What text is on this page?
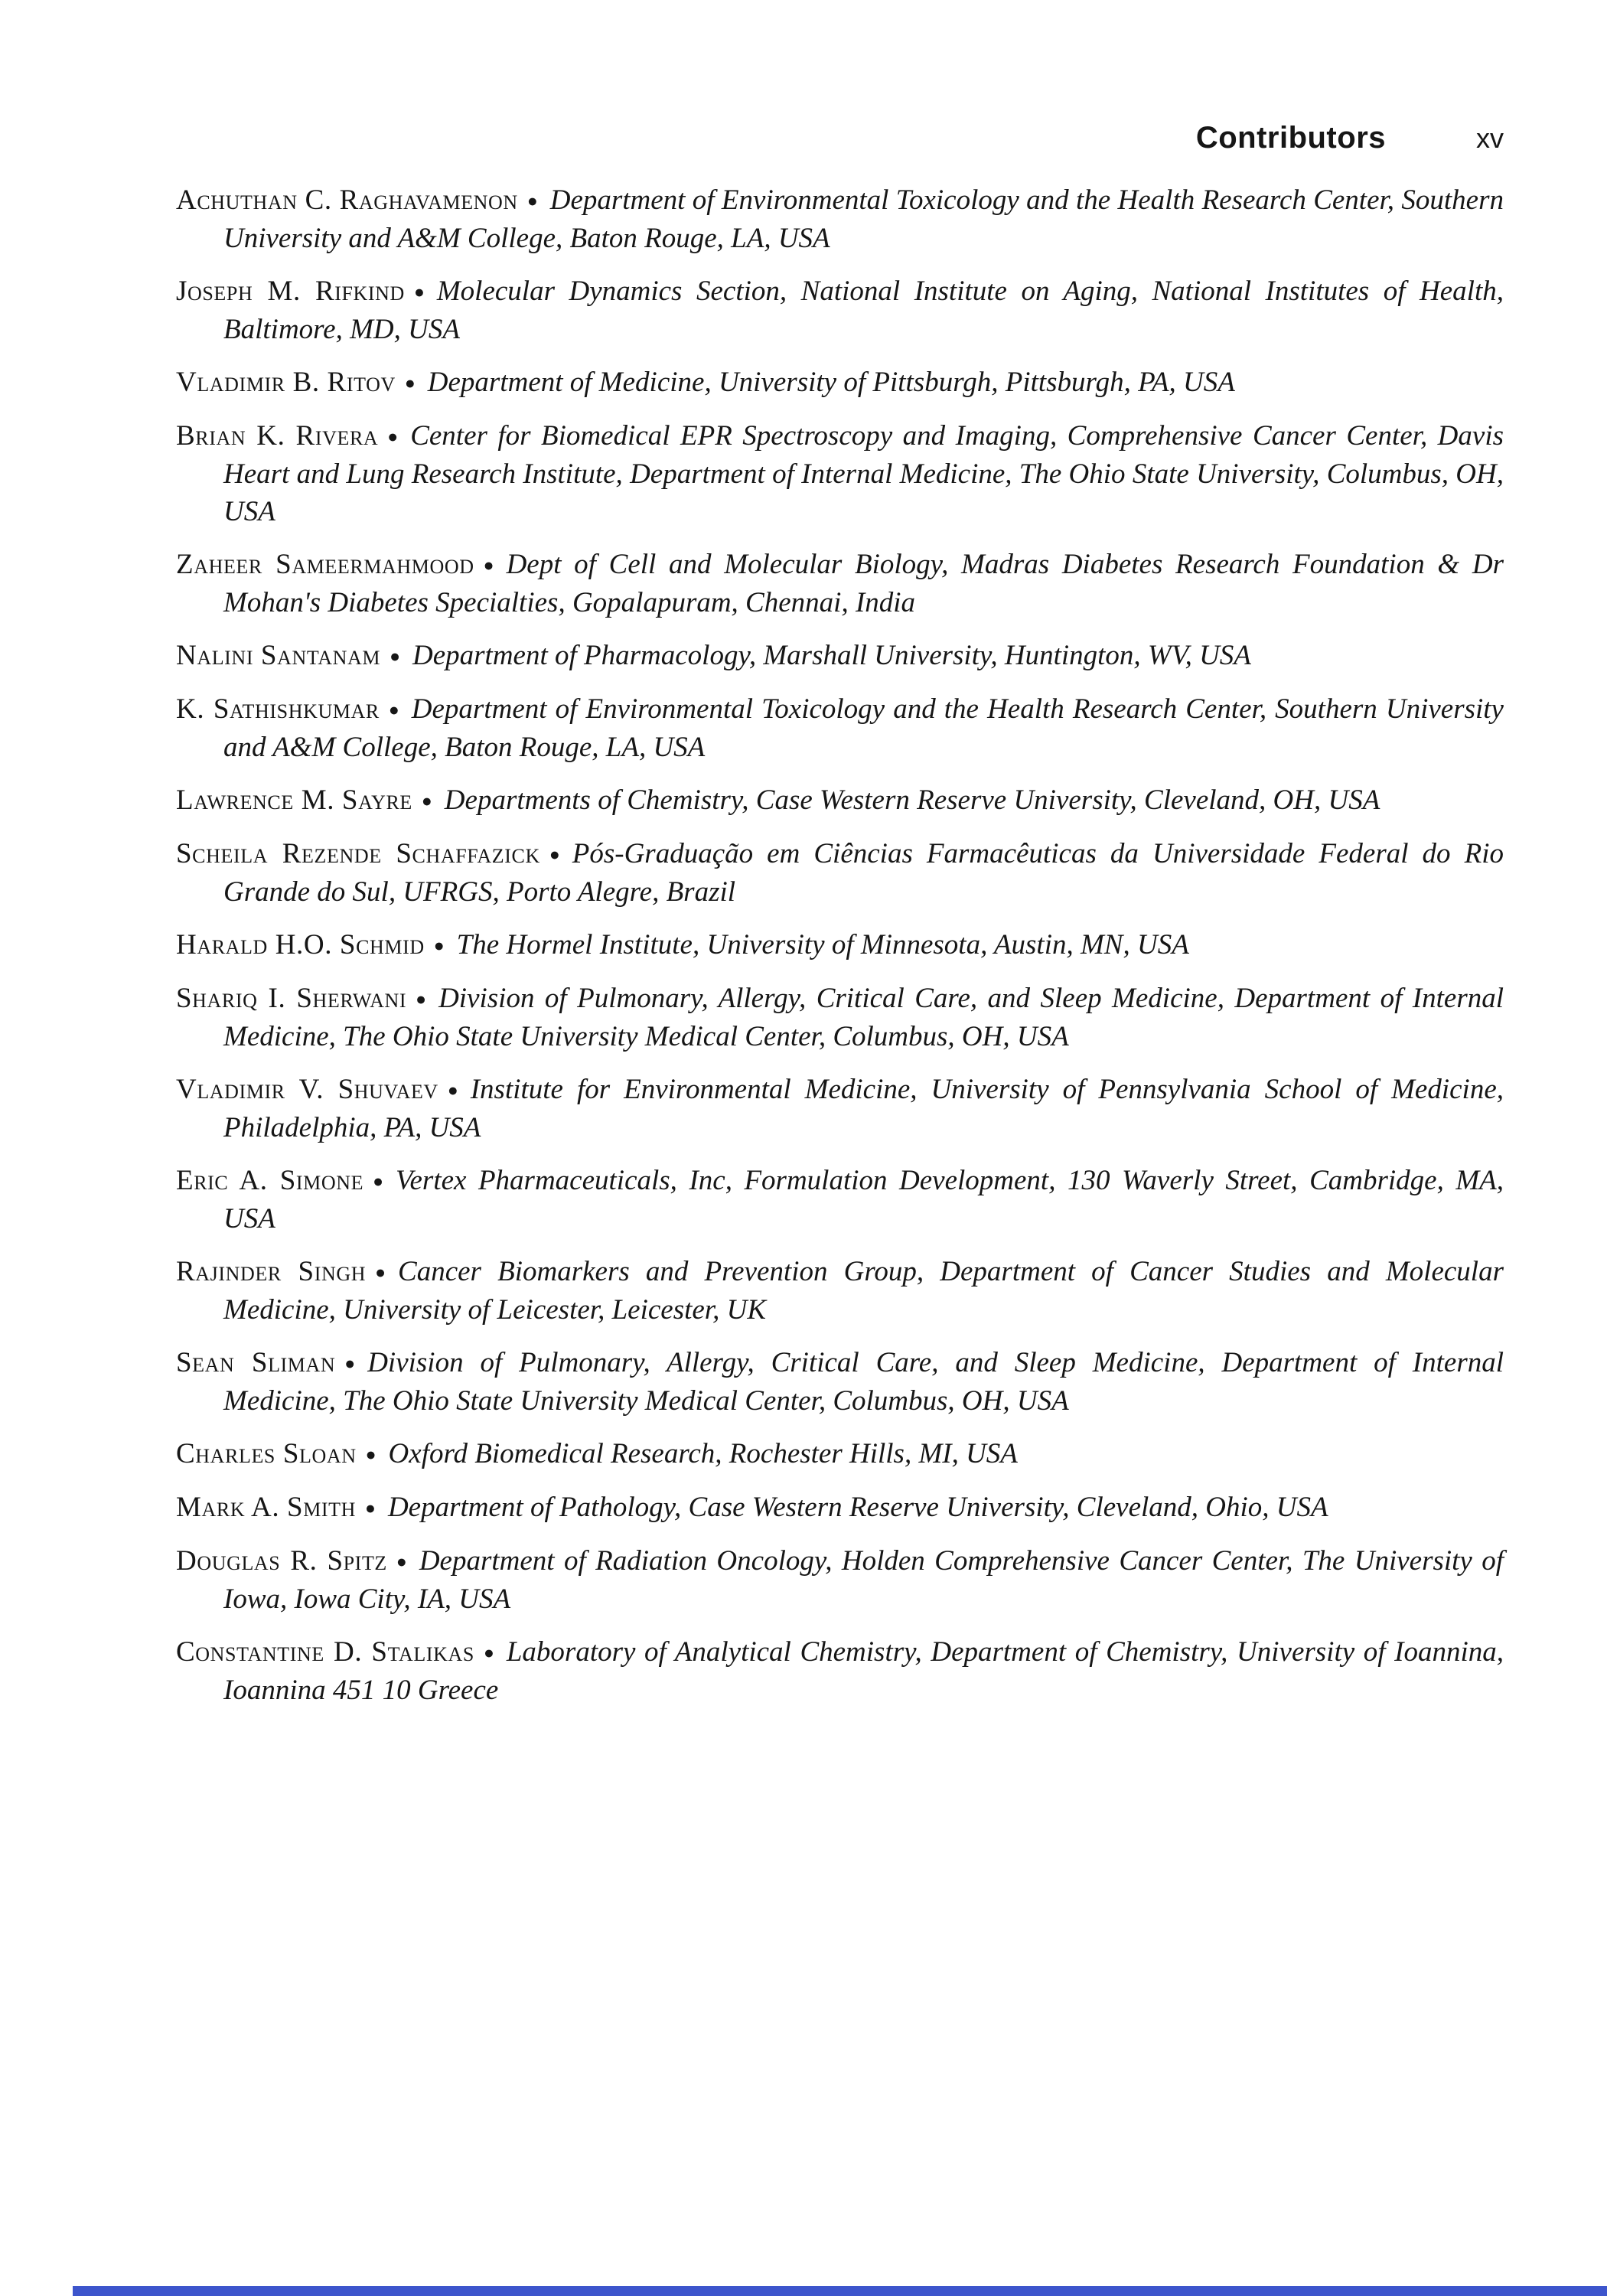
Contributors	xv

Achuthan C. Raghavamenon ● Department of Environmental Toxicology and the Health Research Center, Southern University and A&M College, Baton Rouge, LA, USA

Joseph M. Rifkind ● Molecular Dynamics Section, National Institute on Aging, National Institutes of Health, Baltimore, MD, USA

Vladimir B. Ritov ● Department of Medicine, University of Pittsburgh, Pittsburgh, PA, USA

Brian K. Rivera ● Center for Biomedical EPR Spectroscopy and Imaging, Comprehensive Cancer Center, Davis Heart and Lung Research Institute, Department of Internal Medicine, The Ohio State University, Columbus, OH, USA

Zaheer Sameermahmood ● Dept of Cell and Molecular Biology, Madras Diabetes Research Foundation & Dr Mohan's Diabetes Specialties, Gopalapuram, Chennai, India

Nalini Santanam ● Department of Pharmacology, Marshall University, Huntington, WV, USA

K. Sathishkumar ● Department of Environmental Toxicology and the Health Research Center, Southern University and A&M College, Baton Rouge, LA, USA

Lawrence M. Sayre ● Departments of Chemistry, Case Western Reserve University, Cleveland, OH, USA

Scheila Rezende Schaffazick ● Pós-Graduação em Ciências Farmacêuticas da Universidade Federal do Rio Grande do Sul, UFRGS, Porto Alegre, Brazil

Harald H.O. Schmid ● The Hormel Institute, University of Minnesota, Austin, MN, USA

Shariq I. Sherwani ● Division of Pulmonary, Allergy, Critical Care, and Sleep Medicine, Department of Internal Medicine, The Ohio State University Medical Center, Columbus, OH, USA

Vladimir V. Shuvaev ● Institute for Environmental Medicine, University of Pennsylvania School of Medicine, Philadelphia, PA, USA

Eric A. Simone ● Vertex Pharmaceuticals, Inc, Formulation Development, 130 Waverly Street, Cambridge, MA, USA

Rajinder Singh ● Cancer Biomarkers and Prevention Group, Department of Cancer Studies and Molecular Medicine, University of Leicester, Leicester, UK

Sean Sliman ● Division of Pulmonary, Allergy, Critical Care, and Sleep Medicine, Department of Internal Medicine, The Ohio State University Medical Center, Columbus, OH, USA

Charles Sloan ● Oxford Biomedical Research, Rochester Hills, MI, USA

Mark A. Smith ● Department of Pathology, Case Western Reserve University, Cleveland, Ohio, USA

Douglas R. Spitz ● Department of Radiation Oncology, Holden Comprehensive Cancer Center, The University of Iowa, Iowa City, IA, USA

Constantine D. Stalikas ● Laboratory of Analytical Chemistry, Department of Chemistry, University of Ioannina, Ioannina 451 10 Greece
